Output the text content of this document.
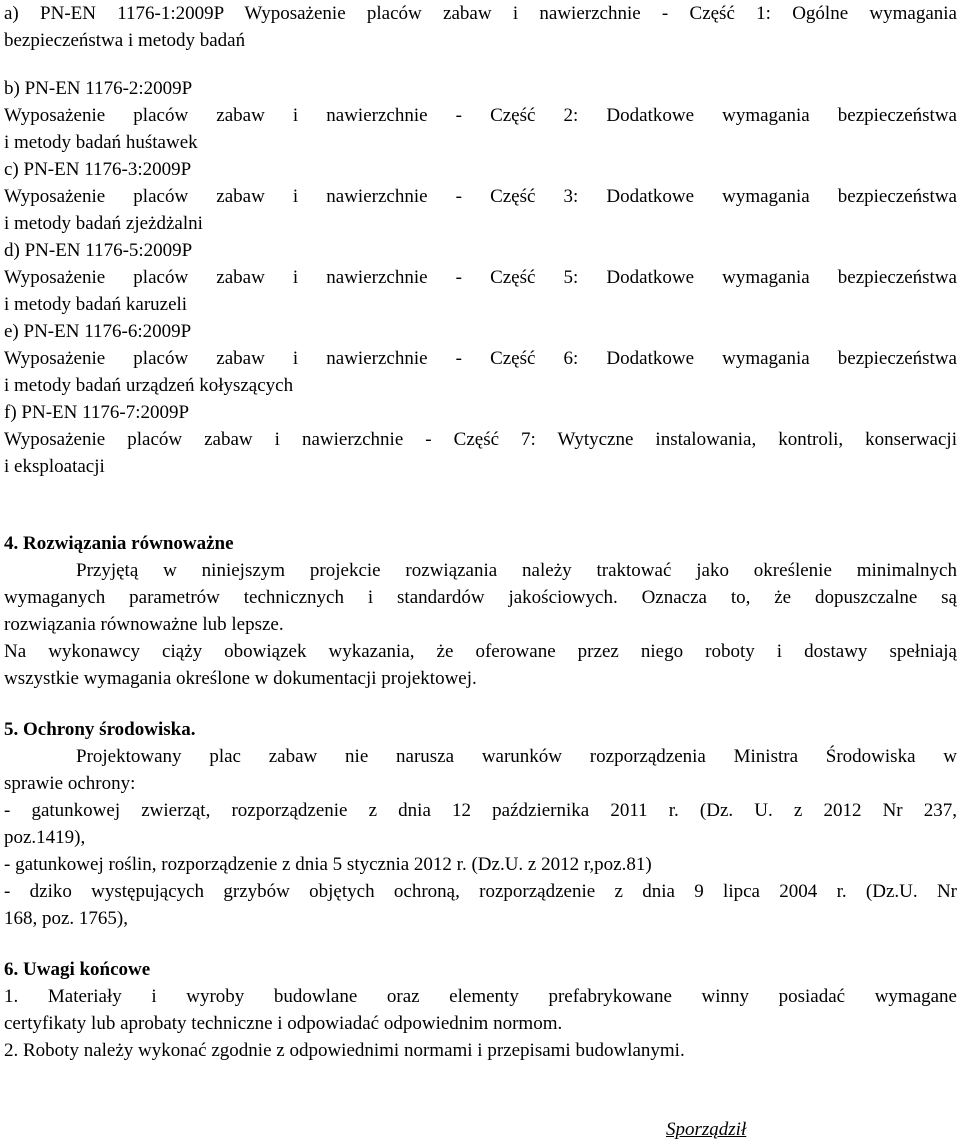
a) PN-EN 1176-1:2009P Wyposażenie placów zabaw i nawierzchnie - Część 1: Ogólne wymagania
bezpieczeństwa i metody badań
b) PN-EN 1176-2:2009P
Wyposażenie placów zabaw i nawierzchnie - Część 2: Dodatkowe wymagania bezpieczeństwa
i metody badań huśtawek
c) PN-EN 1176-3:2009P
Wyposażenie placów zabaw i nawierzchnie - Część 3: Dodatkowe wymagania bezpieczeństwa
i metody badań zjeżdżalni
d) PN-EN 1176-5:2009P
Wyposażenie placów zabaw i nawierzchnie - Część 5: Dodatkowe wymagania bezpieczeństwa
i metody badań karuzeli
e) PN-EN 1176-6:2009P
Wyposażenie placów zabaw i nawierzchnie - Część 6: Dodatkowe wymagania bezpieczeństwa
i metody badań urządzeń kołyszących
f) PN-EN 1176-7:2009P
Wyposażenie placów zabaw i nawierzchnie - Część 7: Wytyczne instalowania, kontroli, konserwacji
i eksploatacji
4. Rozwiązania równoważne
Przyjętą w niniejszym projekcie rozwiązania należy traktować jako określenie minimalnych
wymaganych parametrów technicznych i standardów jakościowych. Oznacza to, że dopuszczalne są
rozwiązania równoważne lub lepsze.
Na wykonawcy ciąży obowiązek wykazania, że oferowane przez niego roboty i dostawy spełniają
wszystkie wymagania określone w dokumentacji projektowej.
5. Ochrony środowiska.
Projektowany plac zabaw nie narusza warunków rozporządzenia Ministra Środowiska w
sprawie ochrony:
- gatunkowej zwierząt, rozporządzenie z dnia 12 października 2011 r. (Dz. U. z 2012 Nr 237,
poz.1419),
- gatunkowej roślin, rozporządzenie z dnia 5 stycznia 2012 r. (Dz.U. z 2012 r,poz.81)
- dziko występujących grzybów objętych ochroną, rozporządzenie z dnia 9 lipca 2004 r. (Dz.U. Nr
168, poz. 1765),
6. Uwagi końcowe
1. Materiały i wyroby budowlane oraz elementy prefabrykowane winny posiadać wymagane
certyfikaty lub aprobaty techniczne i odpowiadać odpowiednim normom.
2. Roboty należy wykonać zgodnie z odpowiednimi normami i przepisami budowlanymi.
Sporządził
